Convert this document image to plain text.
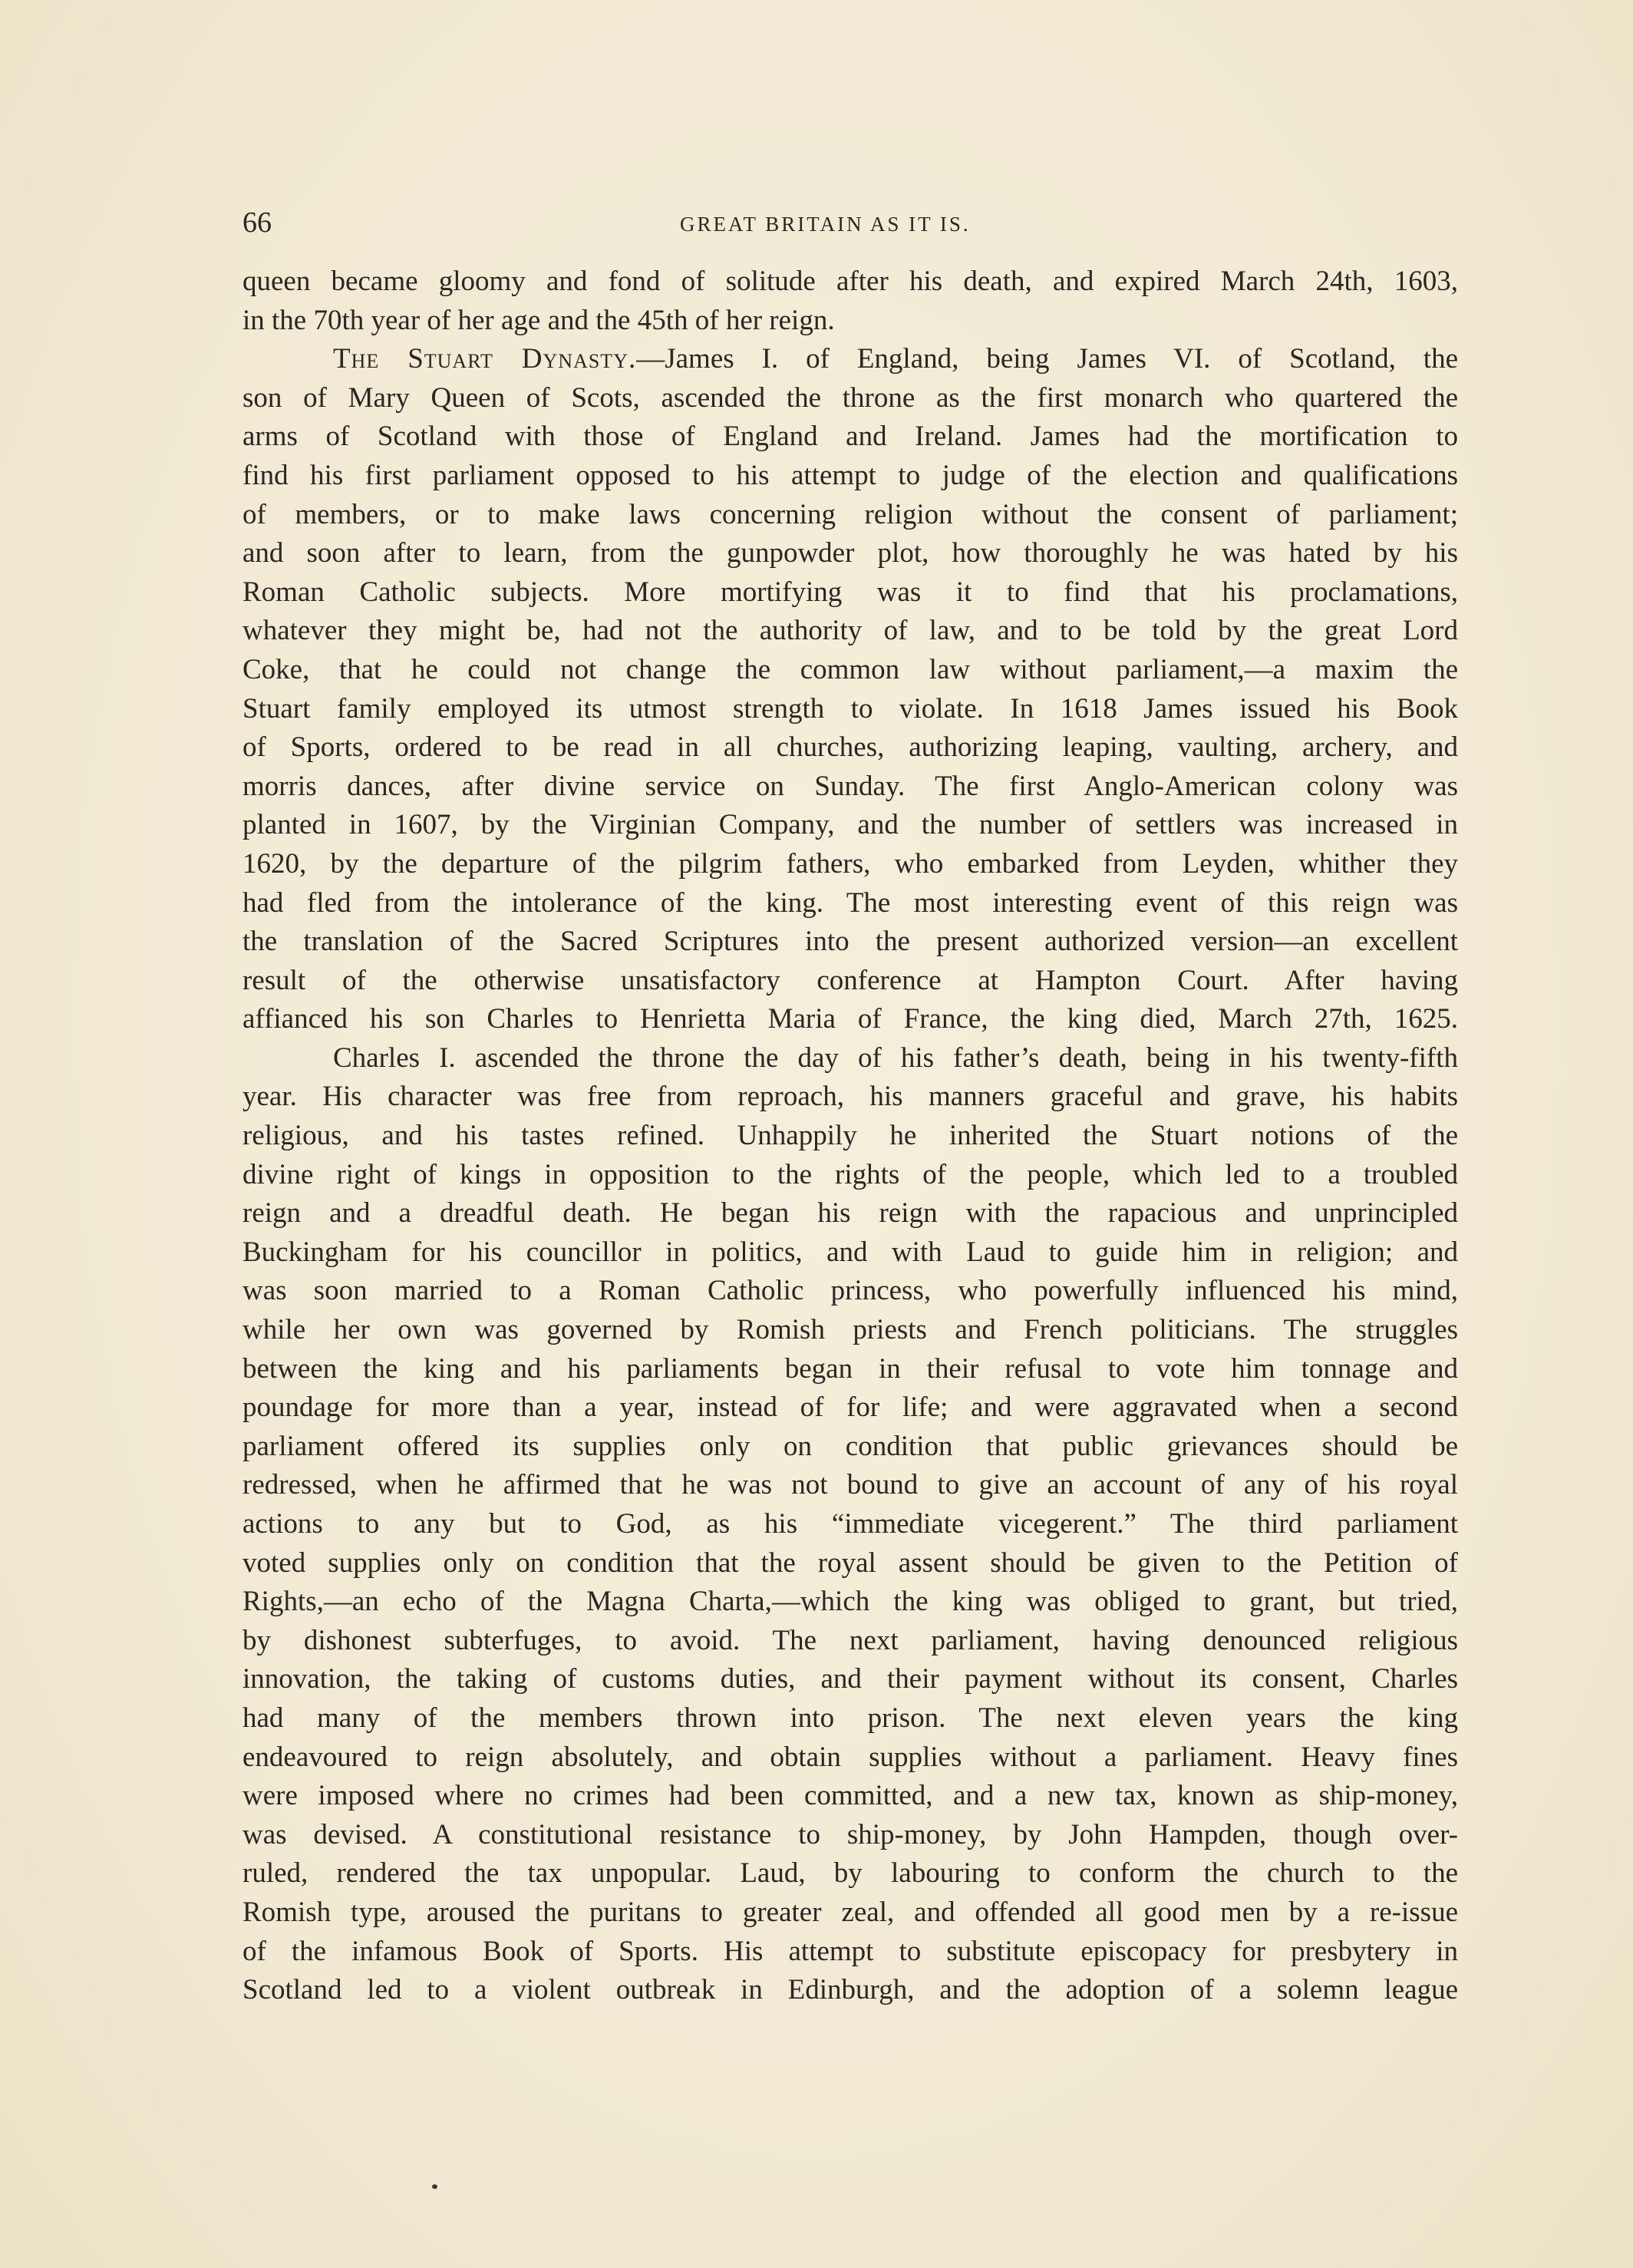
66	GREAT BRITAIN AS IT IS.
queen became gloomy and fond of solitude after his death, and expired March 24th, 1603,
in the 70th year of her age and the 45th of her reign.
The Stuart Dynasty.—James I. of England, being James VI. of Scotland, the
son of Mary Queen of Scots, ascended the throne as the first monarch who quartered the
arms of Scotland with those of England and Ireland. James had the mortification to
find his first parliament opposed to his attempt to judge of the election and qualifications
of members, or to make laws concerning religion without the consent of parliament;
and soon after to learn, from the gunpowder plot, how thoroughly he was hated by his
Roman Catholic subjects. More mortifying was it to find that his proclamations,
whatever they might be, had not the authority of law, and to be told by the great Lord
Coke, that he could not change the common law without parliament,—a maxim the
Stuart family employed its utmost strength to violate. In 1618 James issued his Book
of Sports, ordered to be read in all churches, authorizing leaping, vaulting, archery, and
morris dances, after divine service on Sunday. The first Anglo-American colony was
planted in 1607, by the Virginian Company, and the number of settlers was increased in
1620, by the departure of the pilgrim fathers, who embarked from Leyden, whither they
had fled from the intolerance of the king. The most interesting event of this reign was
the translation of the Sacred Scriptures into the present authorized version—an excellent
result of the otherwise unsatisfactory conference at Hampton Court. After having
affianced his son Charles to Henrietta Maria of France, the king died, March 27th, 1625.
Charles I. ascended the throne the day of his father’s death, being in his twenty-fifth
year. His character was free from reproach, his manners graceful and grave, his habits
religious, and his tastes refined. Unhappily he inherited the Stuart notions of the
divine right of kings in opposition to the rights of the people, which led to a troubled
reign and a dreadful death. He began his reign with the rapacious and unprincipled
Buckingham for his councillor in politics, and with Laud to guide him in religion; and
was soon married to a Roman Catholic princess, who powerfully influenced his mind,
while her own was governed by Romish priests and French politicians. The struggles
between the king and his parliaments began in their refusal to vote him tonnage and
poundage for more than a year, instead of for life; and were aggravated when a second
parliament offered its supplies only on condition that public grievances should be
redressed, when he affirmed that he was not bound to give an account of any of his royal
actions to any but to God, as his “immediate vicegerent.” The third parliament
voted supplies only on condition that the royal assent should be given to the Petition of
Rights,—an echo of the Magna Charta,—which the king was obliged to grant, but tried,
by dishonest subterfuges, to avoid. The next parliament, having denounced religious
innovation, the taking of customs duties, and their payment without its consent, Charles
had many of the members thrown into prison. The next eleven years the king
endeavoured to reign absolutely, and obtain supplies without a parliament. Heavy fines
were imposed where no crimes had been committed, and a new tax, known as ship-money,
was devised. A constitutional resistance to ship-money, by John Hampden, though over-
ruled, rendered the tax unpopular. Laud, by labouring to conform the church to the
Romish type, aroused the puritans to greater zeal, and offended all good men by a re-issue
of the infamous Book of Sports. His attempt to substitute episcopacy for presbytery in
Scotland led to a violent outbreak in Edinburgh, and the adoption of a solemn league
